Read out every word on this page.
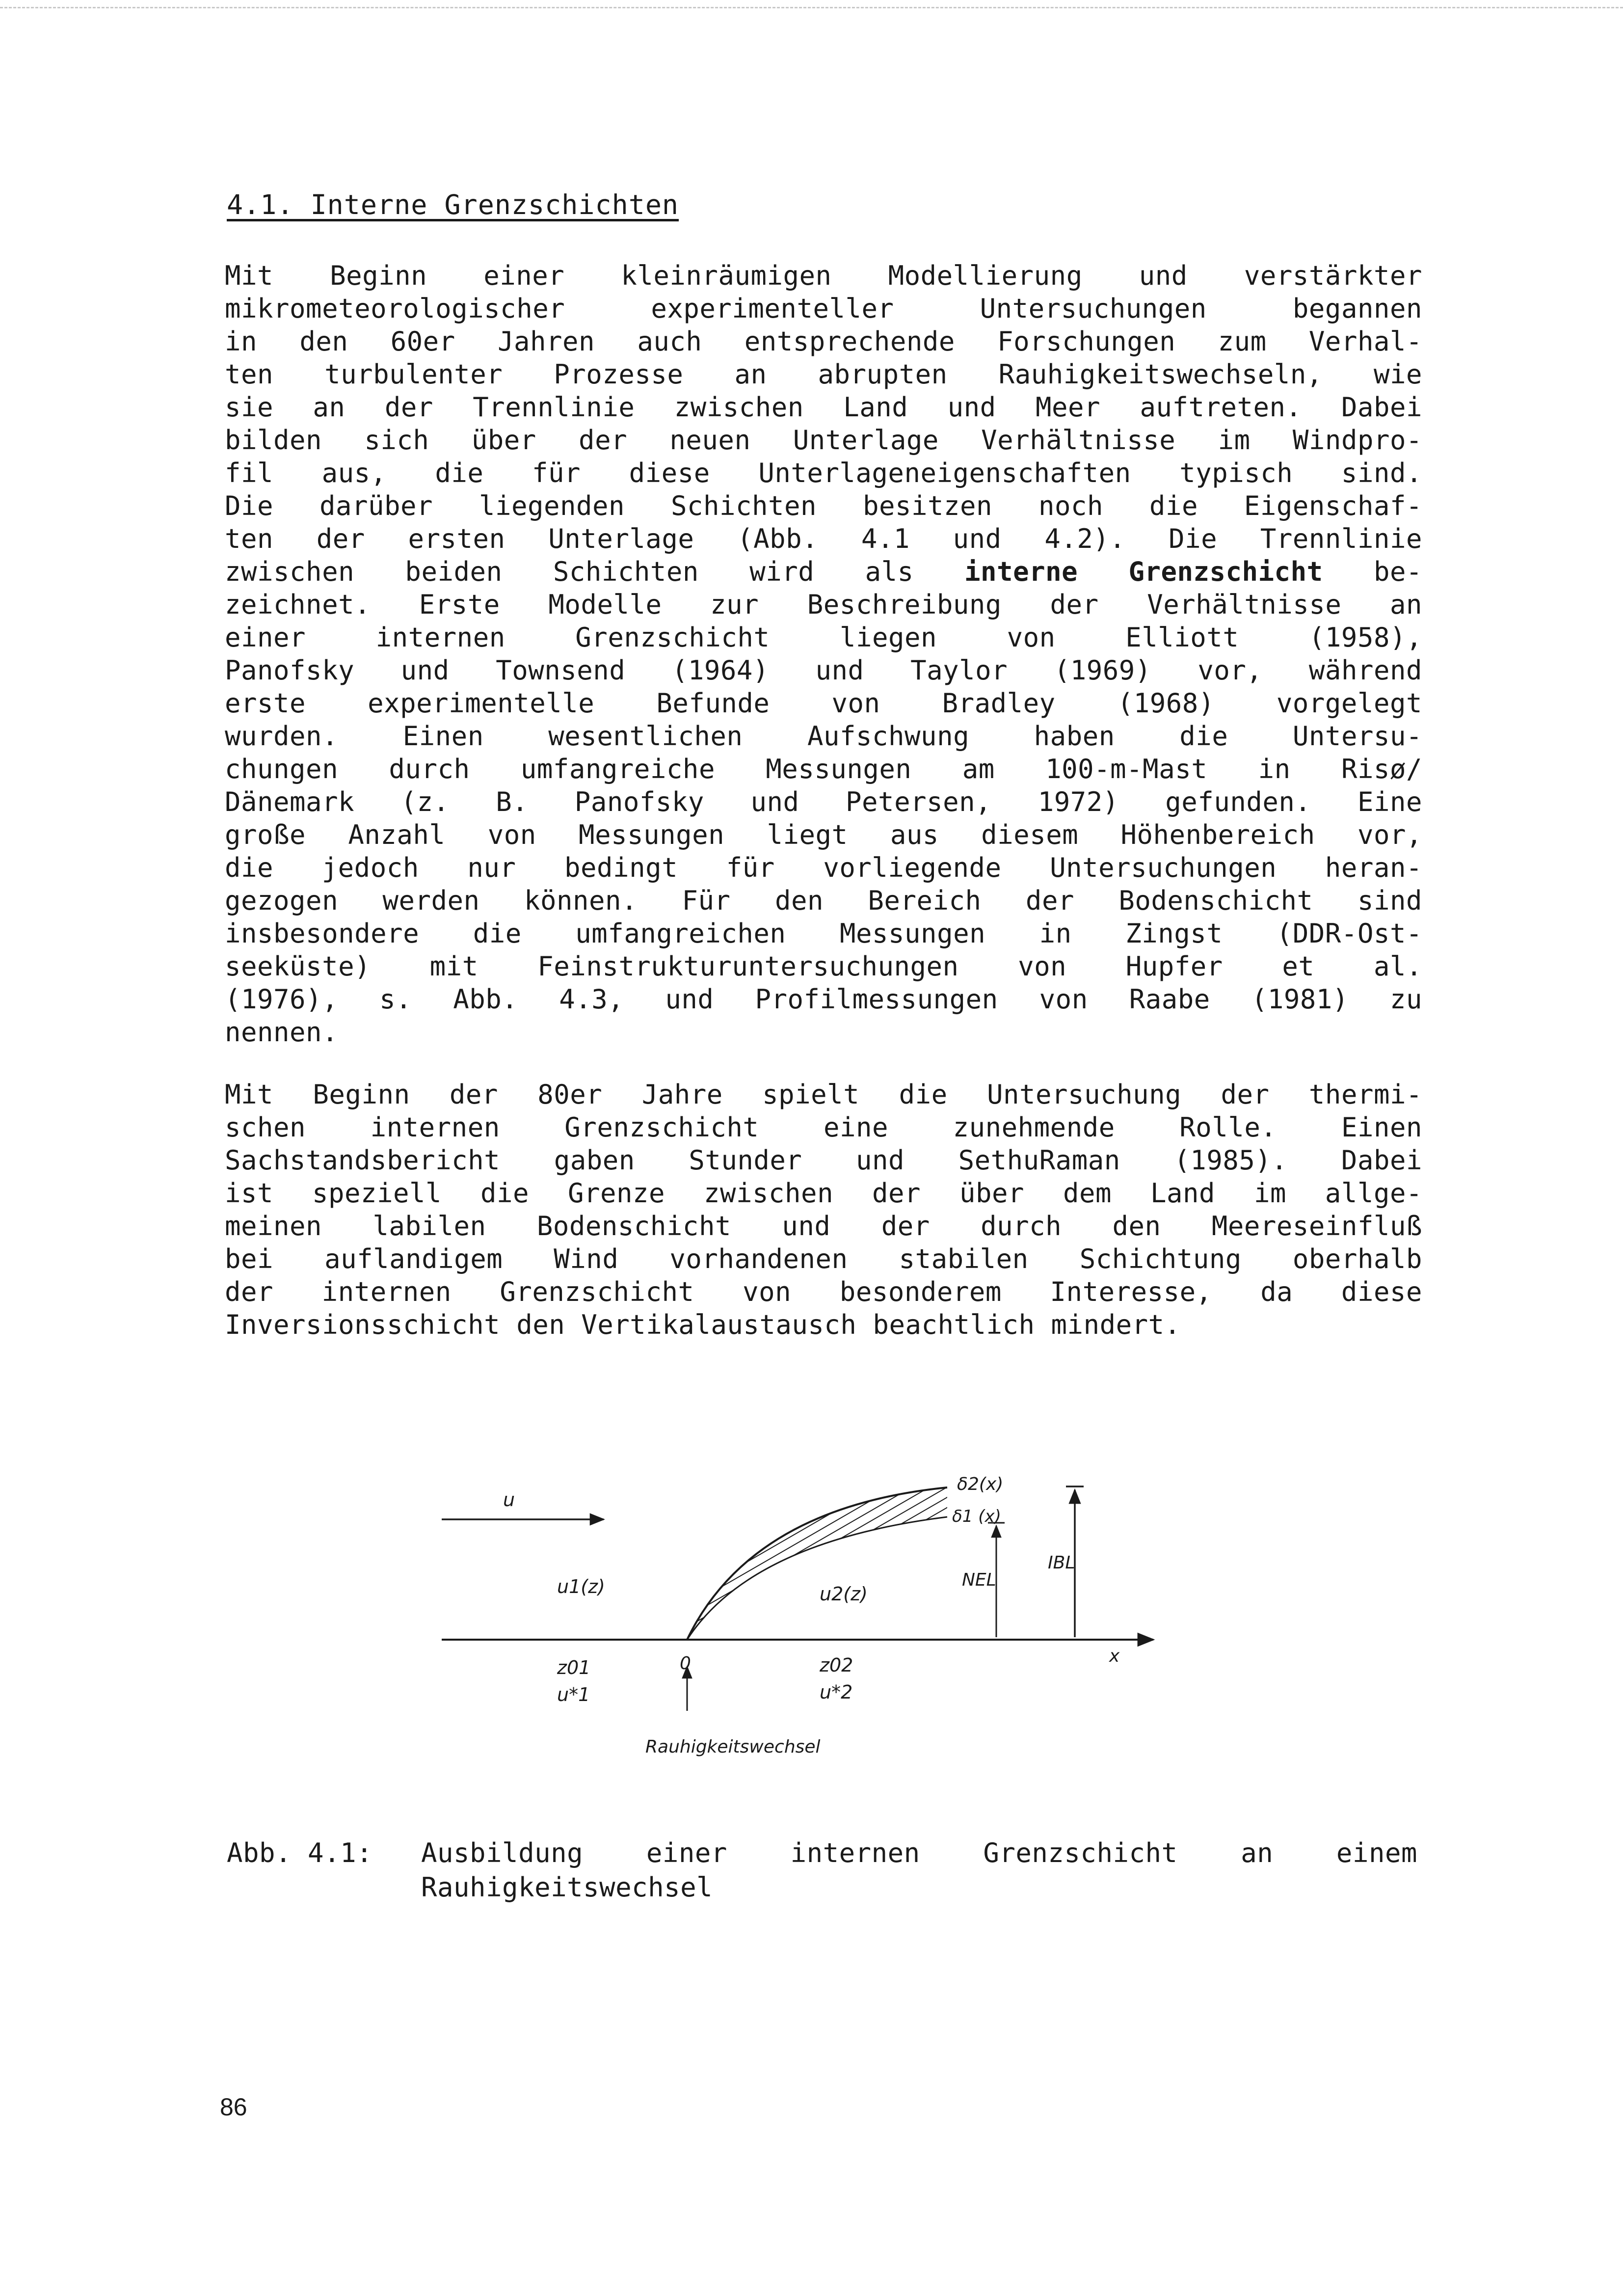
4.1. Interne Grenzschichten
Mit Beginn einer kleinräumigen Modellierung und verstärkter
mikrometeorologischer experimenteller Untersuchungen begannen
in den 60er Jahren auch entsprechende Forschungen zum Verhal-
ten turbulenter Prozesse an abrupten Rauhigkeitswechseln, wie
sie an der Trennlinie zwischen Land und Meer auftreten. Dabei
bilden sich über der neuen Unterlage Verhältnisse im Windpro-
fil aus, die für diese Unterlageneigenschaften typisch sind.
Die darüber liegenden Schichten besitzen noch die Eigenschaf-
ten der ersten Unterlage (Abb. 4.1 und 4.2). Die Trennlinie
zwischen beiden Schichten wird als interne Grenzschicht be-
zeichnet. Erste Modelle zur Beschreibung der Verhältnisse an
einer internen Grenzschicht liegen von Elliott (1958),
Panofsky und Townsend (1964) und Taylor (1969) vor, während
erste experimentelle Befunde von Bradley (1968) vorgelegt
wurden. Einen wesentlichen Aufschwung haben die Untersu-
chungen durch umfangreiche Messungen am 100-m-Mast in Risø/
Dänemark (z. B. Panofsky und Petersen, 1972) gefunden. Eine
große Anzahl von Messungen liegt aus diesem Höhenbereich vor,
die jedoch nur bedingt für vorliegende Untersuchungen heran-
gezogen werden können. Für den Bereich der Bodenschicht sind
insbesondere die umfangreichen Messungen in Zingst (DDR-Ost-
seeküste) mit Feinstrukturuntersuchungen von Hupfer et al.
(1976), s. Abb. 4.3, und Profilmessungen von Raabe (1981) zu
nennen.
Mit Beginn der 80er Jahre spielt die Untersuchung der thermi-
schen internen Grenzschicht eine zunehmende Rolle. Einen
Sachstandsbericht gaben Stunder und SethuRaman (1985). Dabei
ist speziell die Grenze zwischen der über dem Land im allge-
meinen labilen Bodenschicht und der durch den Meereseinfluß
bei auflandigem Wind vorhandenen stabilen Schichtung oberhalb
der internen Grenzschicht von besonderem Interesse, da diese
Inversionsschicht den Vertikalaustausch beachtlich mindert.
u
u1(z)	u2(z)
δ2(x)
δ1 (x)
IBL
NEL
0	x
z01
u*1
z02
u*2
Rauhigkeitswechsel
Abb. 4.1:	Ausbildung einer internen Grenzschicht an einem
Rauhigkeitswechsel
86
